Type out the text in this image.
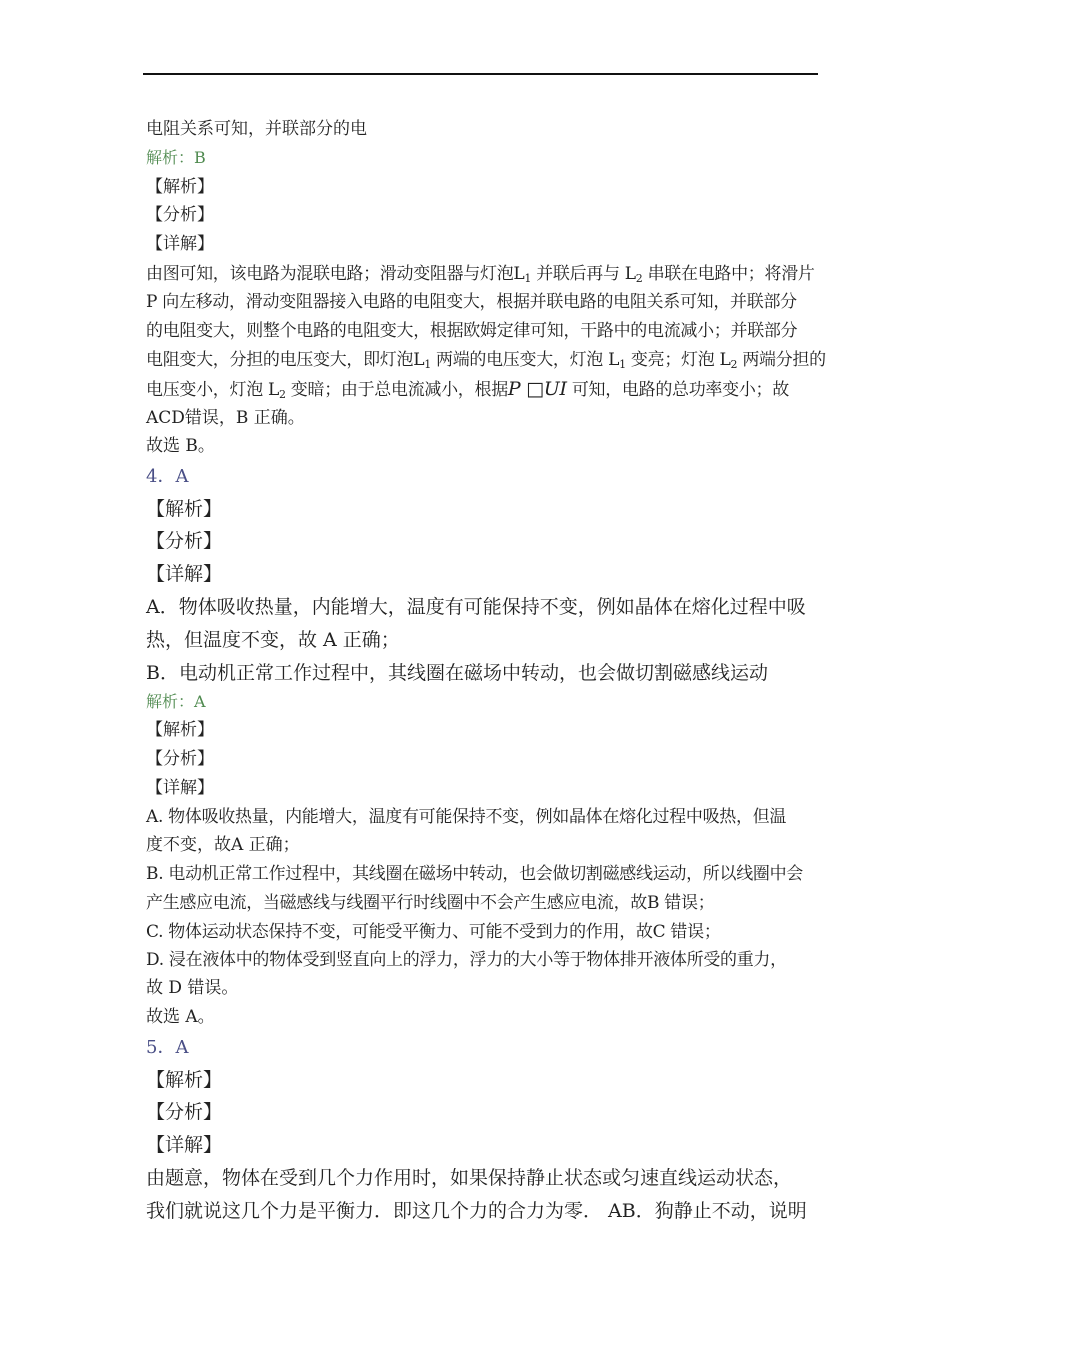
电阻关系可知，并联部分的电
解析：B
【解析】
【分析】
【详解】
由图可知，该电路为混联电路；滑动变阻器与灯泡$L_1$ 并联后再与 $L_2$ 串联在电路中；将滑片
P 向左移动，滑动变阻器接入电路的电阻变大，根据并联电路的电阻关系可知，并联部分
的电阻变大，则整个电路的电阻变大，根据欧姆定律可知，干路中的电流减小；并联部分
电阻变大，分担的电压变大，即灯泡$L_1$ 两端的电压变大，灯泡 $L_1$ 变亮；灯泡 $L_2$ 两端分担的
电压变小，灯泡 $L_2$ 变暗；由于总电流减小，根据P □UI 可知，电路的总功率变小；故
ACD错误，B 正确。
故选 B。
4．A
【解析】
【分析】
【详解】
A．物体吸收热量，内能增大，温度有可能保持不变，例如晶体在熔化过程中吸
热，但温度不变，故 A 正确；
B．电动机正常工作过程中，其线圈在磁场中转动，也会做切割磁感线运动
解析：A
【解析】
【分析】
【详解】
A. 物体吸收热量，内能增大，温度有可能保持不变，例如晶体在熔化过程中吸热，但温
度不变，故A 正确；
B. 电动机正常工作过程中，其线圈在磁场中转动，也会做切割磁感线运动，所以线圈中会
产生感应电流，当磁感线与线圈平行时线圈中不会产生感应电流，故B 错误；
C. 物体运动状态保持不变，可能受平衡力、可能不受到力的作用，故C 错误；
D. 浸在液体中的物体受到竖直向上的浮力，浮力的大小等于物体排开液体所受的重力，
故 D 错误。
故选 A。
5．A
【解析】
【分析】
【详解】
由题意，物体在受到几个力作用时，如果保持静止状态或匀速直线运动状态，
我们就说这几个力是平衡力．即这几个力的合力为零． AB．狗静止不动，说明
